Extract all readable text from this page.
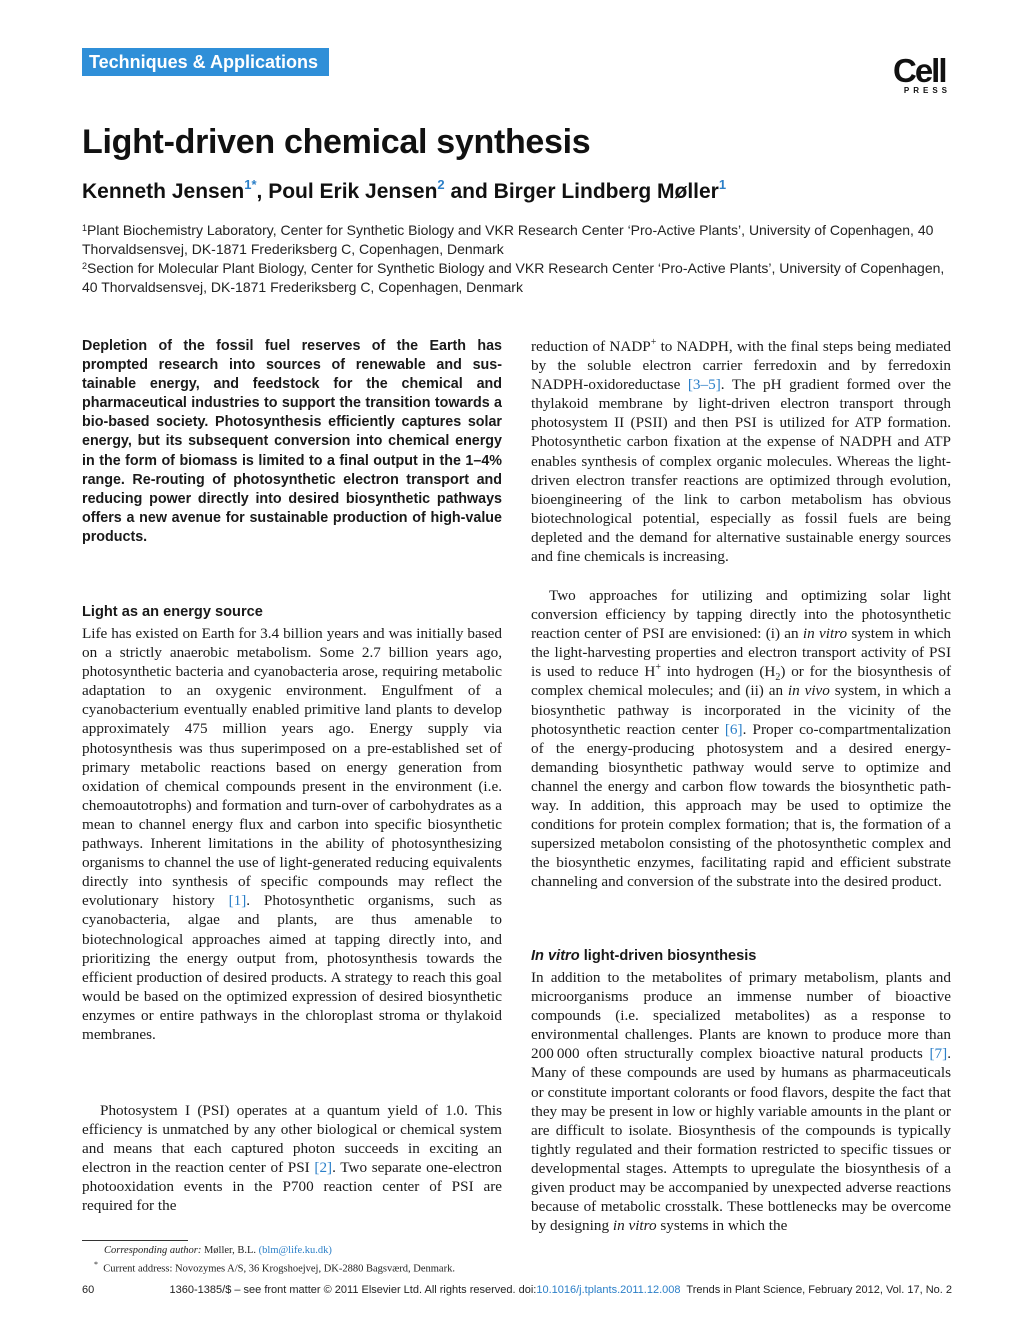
Techniques & Applications	Cell
PRESS
Light-driven chemical synthesis
Kenneth Jensen$^{1*}$, Poul Erik Jensen$^2$ and Birger Lindberg Møller$^1$
$^1$Plant Biochemistry Laboratory, Center for Synthetic Biology and VKR Research Center ‘Pro-Active Plants’, University of Copenhagen, 40 Thorvaldsensvej, DK-1871 Frederiksberg C, Copenhagen, Denmark
$^2$Section for Molecular Plant Biology, Center for Synthetic Biology and VKR Research Center ‘Pro-Active Plants’, University of Copenhagen, 40 Thorvaldsensvej, DK-1871 Frederiksberg C, Copenhagen, Denmark
Depletion of the fossil fuel reserves of the Earth has prompted research into sources of renewable and sustainable energy, and feedstock for the chemical and pharmaceutical industries to support the transition towards a bio-based society. Photosynthesis efficiently captures solar energy, but its subsequent conversion into chemical energy in the form of biomass is limited to a final output in the 1–4% range. Re-routing of photosynthetic electron transport and reducing power directly into desired biosynthetic pathways offers a new avenue for sustainable production of high-value products.
Light as an energy source
Life has existed on Earth for 3.4 billion years and was initially based on a strictly anaerobic metabolism. Some 2.7 billion years ago, photosynthetic bacteria and cyanobacteria arose, requiring metabolic adaptation to an oxygenic environment. Engulfment of a cyanobacterium eventually enabled primitive land plants to develop approximately 475 million years ago. Energy supply via photosynthesis was thus superimposed on a pre-established set of primary metabolic reactions based on energy generation from oxidation of chemical compounds present in the environment (i.e. chemoautotrophs) and formation and turn-over of carbohydrates as a mean to channel energy flux and carbon into specific biosynthetic pathways. Inherent limitations in the ability of photosynthesizing organisms to channel the use of light-generated reducing equivalents directly into synthesis of specific compounds may reflect the evolutionary history [1]. Photosynthetic organisms, such as cyanobacteria, algae and plants, are thus amenable to biotechnological approaches aimed at tapping directly into, and prioritizing the energy output from, photosynthesis towards the efficient production of desired products. A strategy to reach this goal would be based on the optimized expression of desired biosynthetic enzymes or entire pathways in the chloroplast stroma or thylakoid membranes.
Photosystem I (PSI) operates at a quantum yield of 1.0. This efficiency is unmatched by any other biological or chemical system and means that each captured photon succeeds in exciting an electron in the reaction center of PSI [2]. Two separate one-electron photooxidation events in the P700 reaction center of PSI are required for the
reduction of NADP+ to NADPH, with the final steps being mediated by the soluble electron carrier ferredoxin and by ferredoxin NADPH-oxidoreductase [3–5]. The pH gradient formed over the thylakoid membrane by light-driven electron transport through photosystem II (PSII) and then PSI is utilized for ATP formation. Photosynthetic carbon fixation at the expense of NADPH and ATP enables synthesis of complex organic molecules. Whereas the light-driven electron transfer reactions are optimized through evolution, bioengineering of the link to carbon metabolism has obvious biotechnological potential, especially as fossil fuels are being depleted and the demand for alternative sustainable energy sources and fine chemicals is increasing.
Two approaches for utilizing and optimizing solar light conversion efficiency by tapping directly into the photosynthetic reaction center of PSI are envisioned: (i) an in vitro system in which the light-harvesting properties and electron transport activity of PSI is used to reduce H+ into hydrogen $(H_2)$ or for the biosynthesis of complex chemical molecules; and (ii) an in vivo system, in which a biosynthetic pathway is incorporated in the vicinity of the photosynthetic reaction center [6]. Proper co-compartmentalization of the energy-producing photosystem and a desired energy-demanding biosynthetic pathway would serve to optimize and channel the energy and carbon flow towards the biosynthetic pathway. In addition, this approach may be used to optimize the conditions for protein complex formation; that is, the formation of a supersized metabolon consisting of the photosynthetic complex and the biosynthetic enzymes, facilitating rapid and efficient substrate channeling and conversion of the substrate into the desired product.
In vitro light-driven biosynthesis
In addition to the metabolites of primary metabolism, plants and microorganisms produce an immense number of bioactive compounds (i.e. specialized metabolites) as a response to environmental challenges. Plants are known to produce more than 200 000 often structurally complex bioactive natural products [7]. Many of these compounds are used by humans as pharmaceuticals or constitute important colorants or food flavors, despite the fact that they may be present in low or highly variable amounts in the plant or are difficult to isolate. Biosynthesis of the compounds is typically tightly regulated and their formation restricted to specific tissues or developmental stages. Attempts to upregulate the biosynthesis of a given product may be accompanied by unexpected adverse reactions because of metabolic crosstalk. These bottlenecks may be overcome by designing in vitro systems in which the
Corresponding author: Møller, B.L. (blm@life.ku.dk)
* Current address: Novozymes A/S, 36 Krogshoejvej, DK-2880 Bagsværd, Denmark.
60	1360-1385/$ – see front matter © 2011 Elsevier Ltd. All rights reserved. doi:10.1016/j.tplants.2011.12.008 Trends in Plant Science, February 2012, Vol. 17, No. 2
